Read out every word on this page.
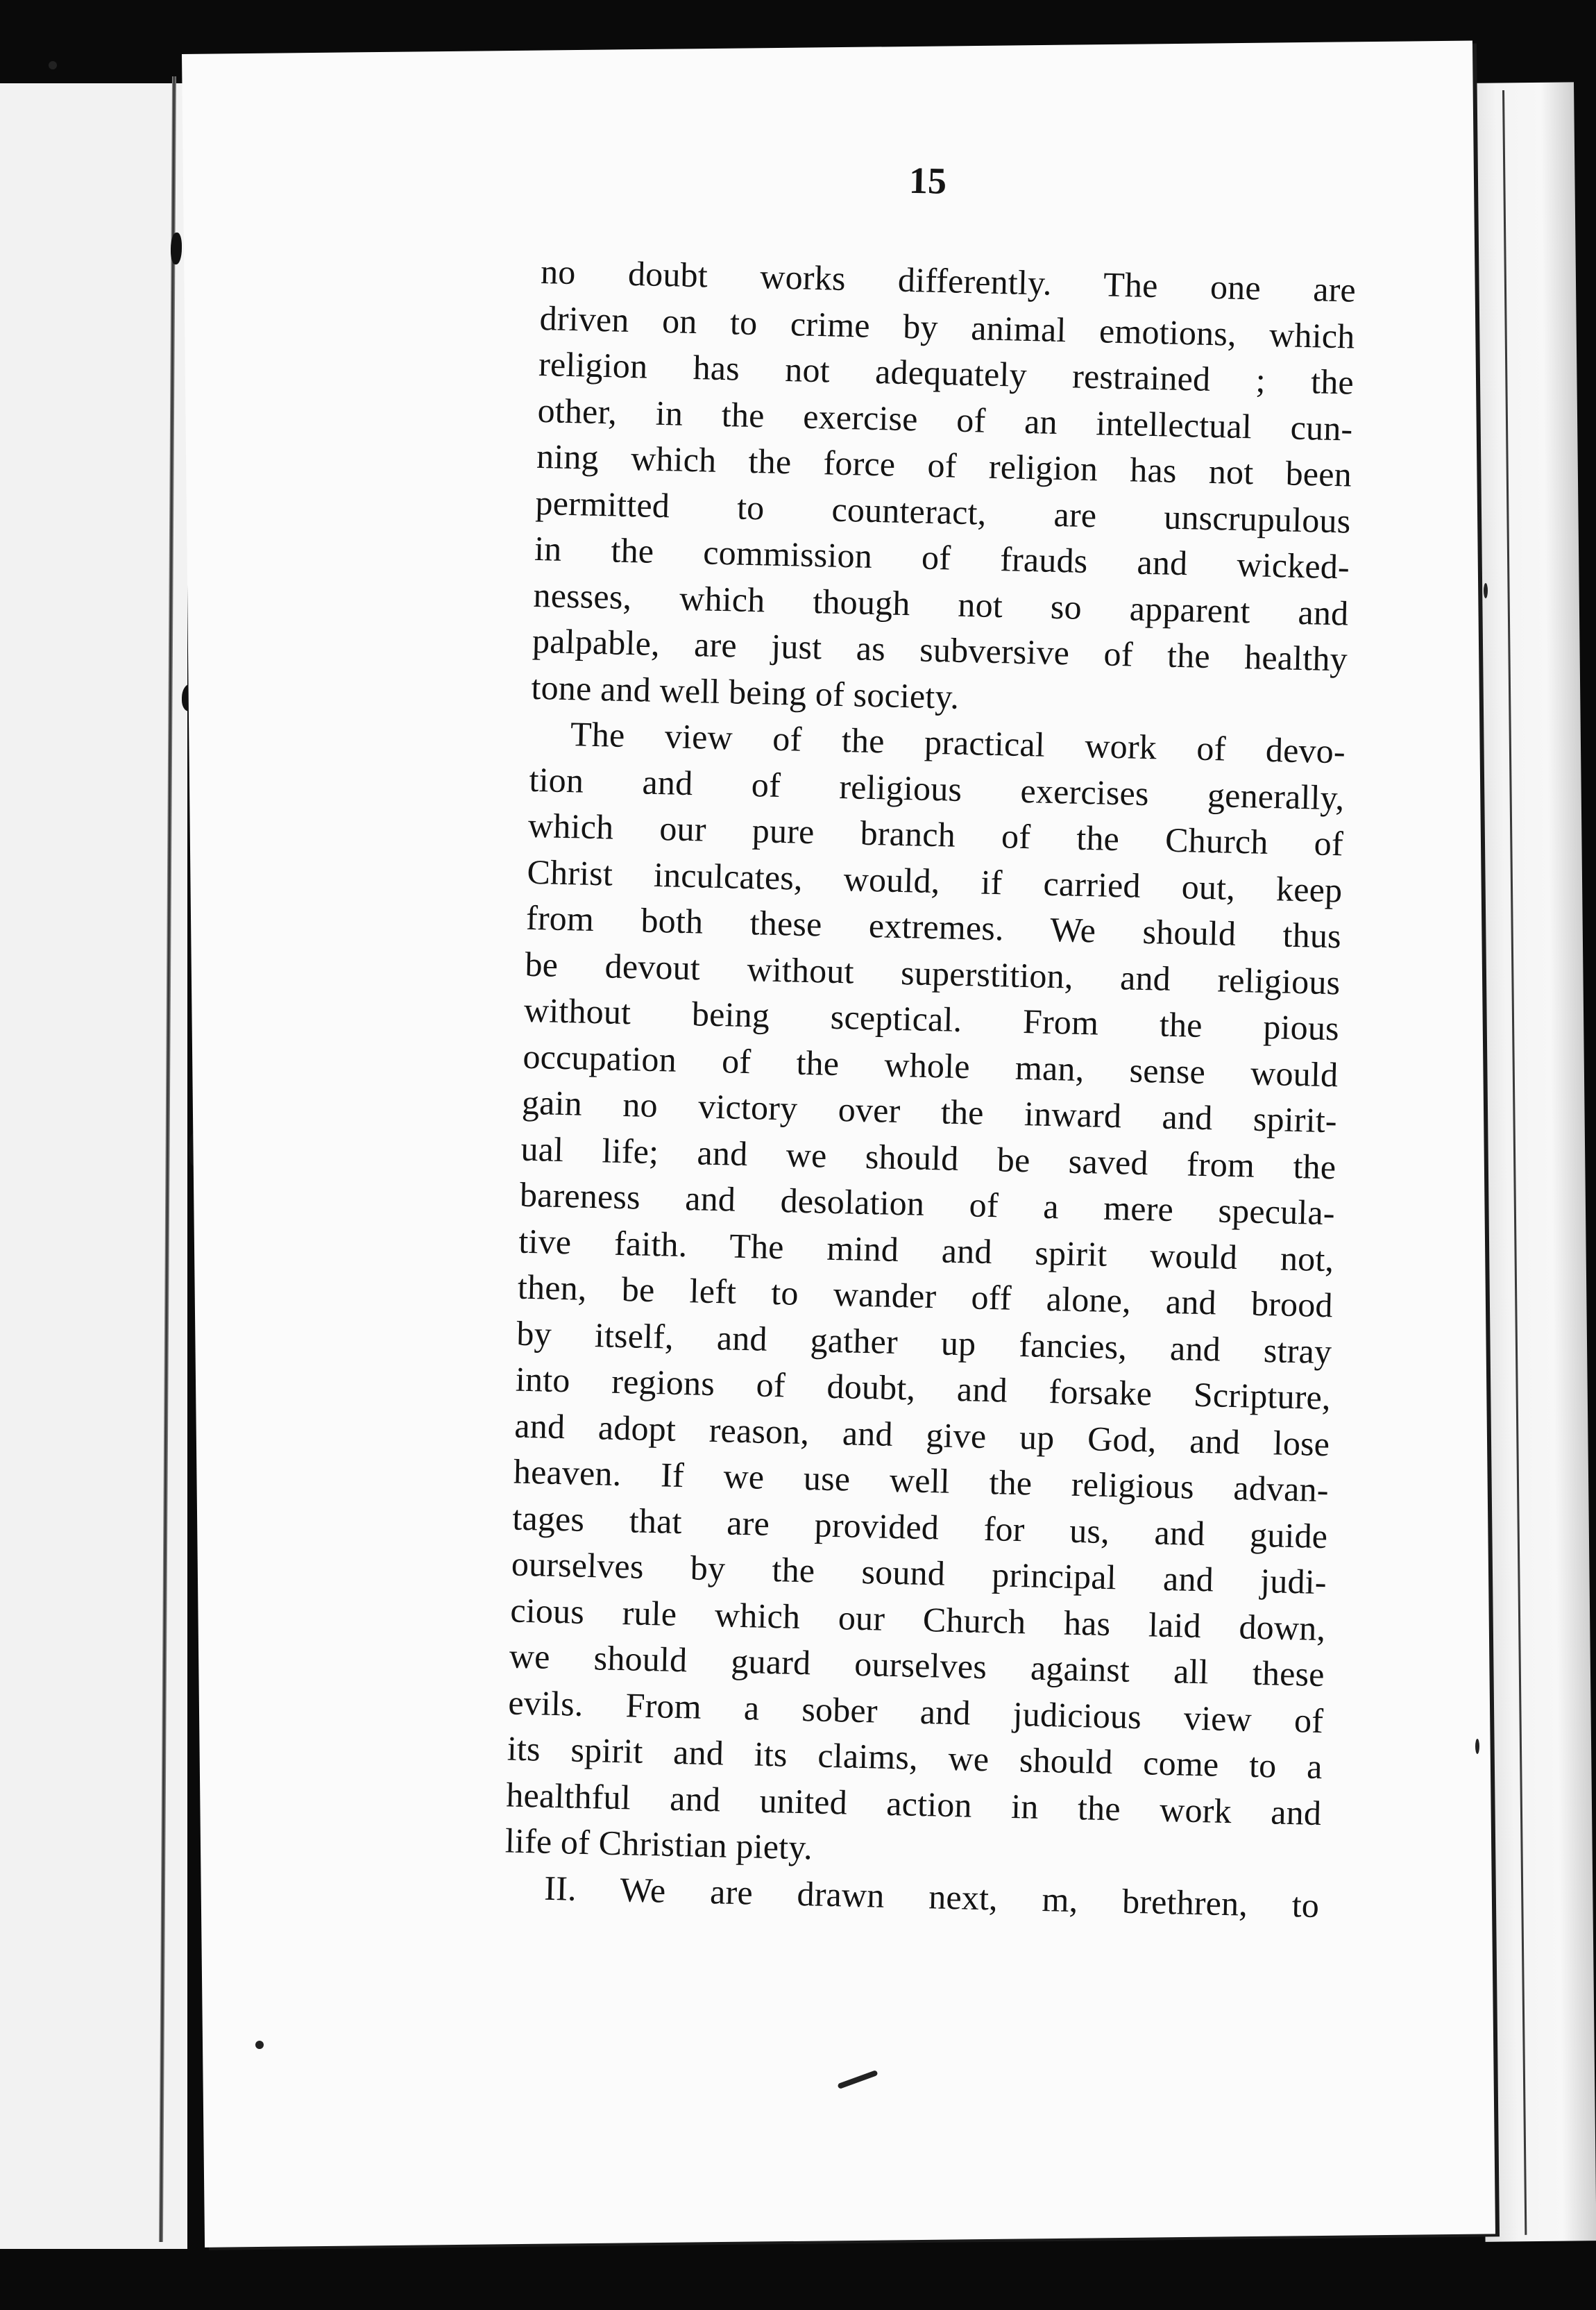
15
no doubt works differently. The one are
driven on to crime by animal emotions, which
religion has not adequately restrained ; the
other, in the exercise of an intellectual cun-
ning which the force of religion has not been
permitted to counteract, are unscrupulous
in the commission of frauds and wicked-
nesses, which though not so apparent and
palpable, are just as subversive of the healthy
tone and well being of society.
The view of the practical work of devo-
tion and of religious exercises generally,
which our pure branch of the Church of
Christ inculcates, would, if carried out, keep
from both these extremes. We should thus
be devout without superstition, and religious
without being sceptical. From the pious
occupation of the whole man, sense would
gain no victory over the inward and spirit-
ual life; and we should be saved from the
bareness and desolation of a mere specula-
tive faith. The mind and spirit would not,
then, be left to wander off alone, and brood
by itself, and gather up fancies, and stray
into regions of doubt, and forsake Scripture,
and adopt reason, and give up God, and lose
heaven. If we use well the religious advan-
tages that are provided for us, and guide
ourselves by the sound principal and judi-
cious rule which our Church has laid down,
we should guard ourselves against all these
evils. From a sober and judicious view of
its spirit and its claims, we should come to a
healthful and united action in the work and
life of Christian piety.
II. We are drawn next, m, brethren, to
